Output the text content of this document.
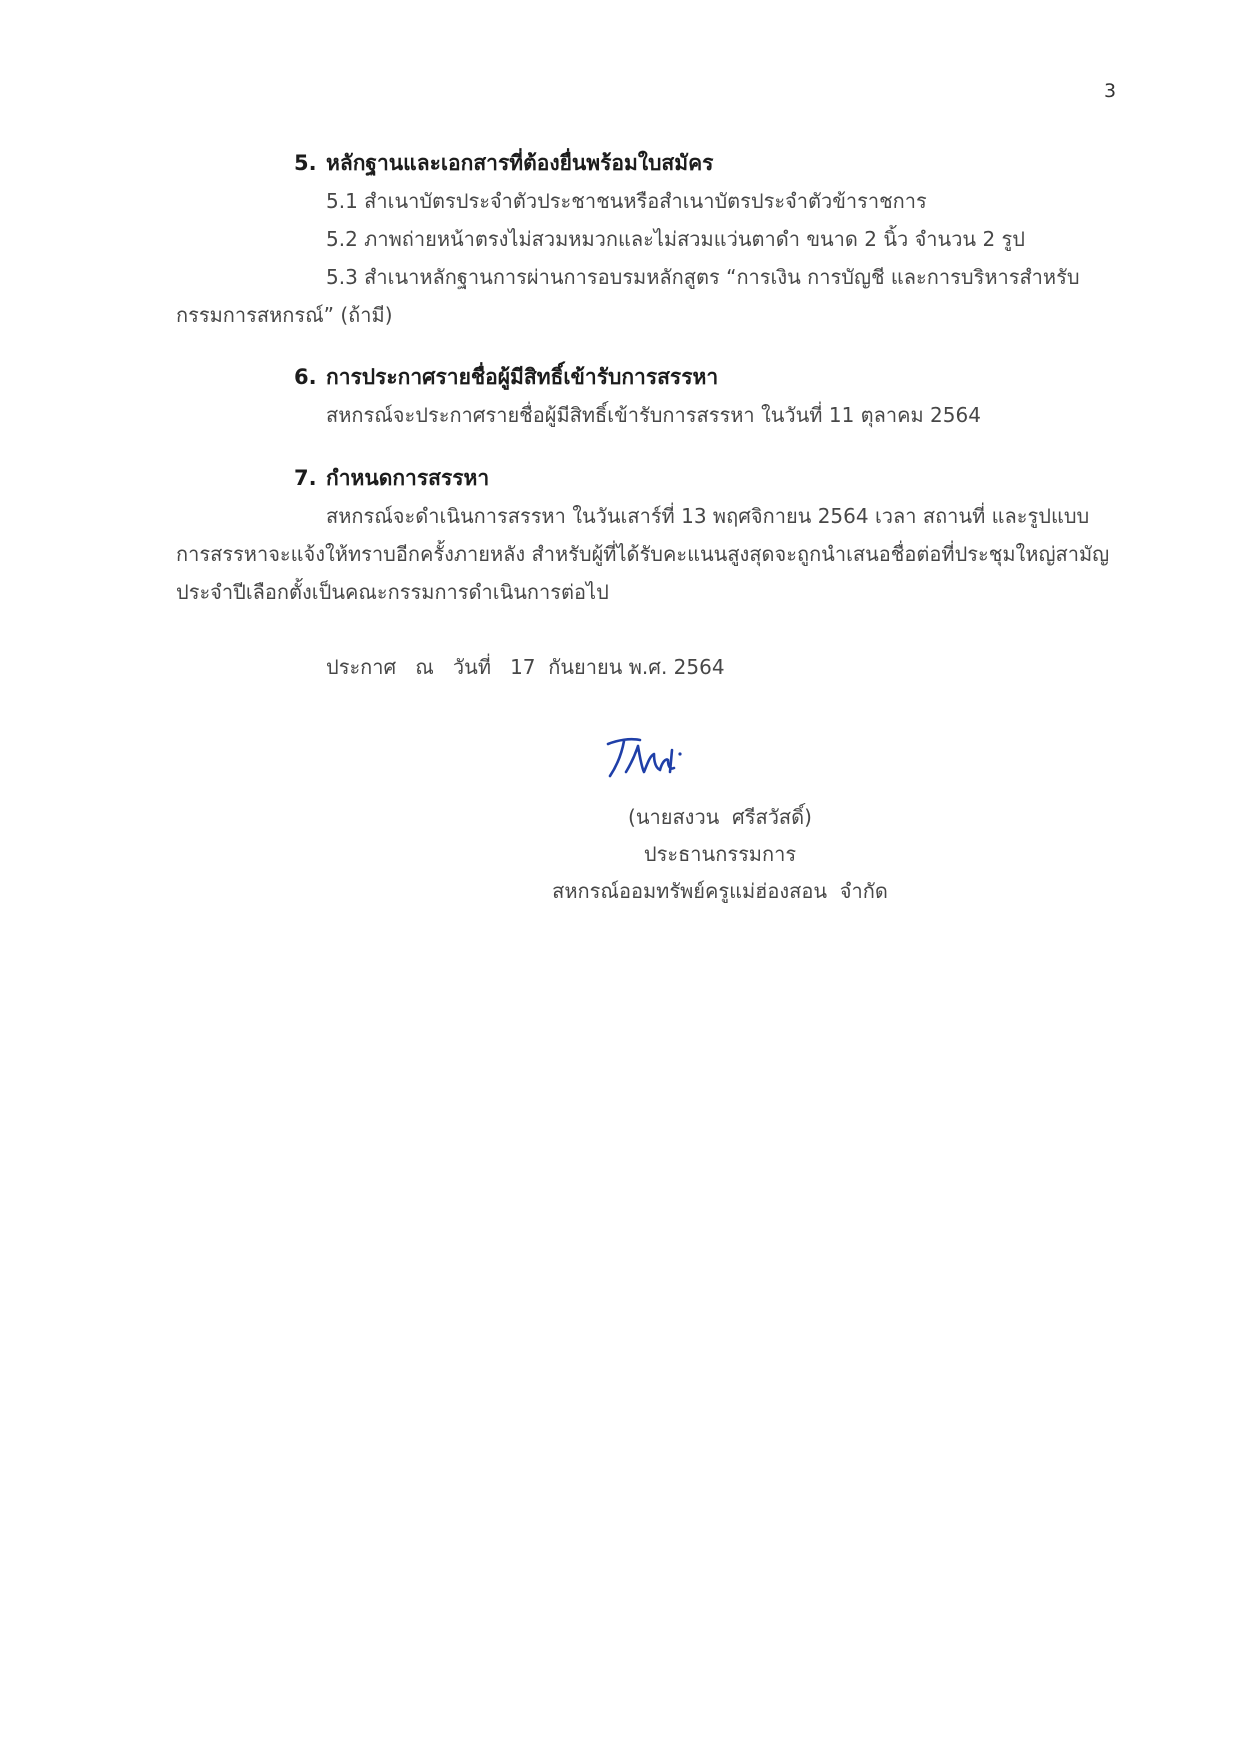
3
5. หลักฐานและเอกสารที่ต้องยื่นพร้อมใบสมัคร
5.1 สำเนาบัตรประจำตัวประชาชนหรือสำเนาบัตรประจำตัวข้าราชการ
5.2 ภาพถ่ายหน้าตรงไม่สวมหมวกและไม่สวมแว่นตาดำ ขนาด 2 นิ้ว จำนวน 2 รูป
5.3 สำเนาหลักฐานการผ่านการอบรมหลักสูตร “การเงิน การบัญชี และการบริหารสำหรับกรรมการสหกรณ์” (ถ้ามี)
6. การประกาศรายชื่อผู้มีสิทธิ์เข้ารับการสรรหา
สหกรณ์จะประกาศรายชื่อผู้มีสิทธิ์เข้ารับการสรรหา ในวันที่ 11 ตุลาคม 2564
7. กำหนดการสรรหา
สหกรณ์จะดำเนินการสรรหา ในวันเสาร์ที่ 13 พฤศจิกายน 2564 เวลา สถานที่ และรูปแบบการสรรหาจะแจ้งให้ทราบอีกครั้งภายหลัง สำหรับผู้ที่ได้รับคะแนนสูงสุดจะถูกนำเสนอชื่อต่อที่ประชุมใหญ่สามัญประจำปีเลือกตั้งเป็นคณะกรรมการดำเนินการต่อไป
ประกาศ   ณ   วันที่   17  กันยายน พ.ศ. 2564
(นายสงวน  ศรีสวัสดิ์)
ประธานกรรมการ
สหกรณ์ออมทรัพย์ครูแม่ฮ่องสอน  จำกัด
